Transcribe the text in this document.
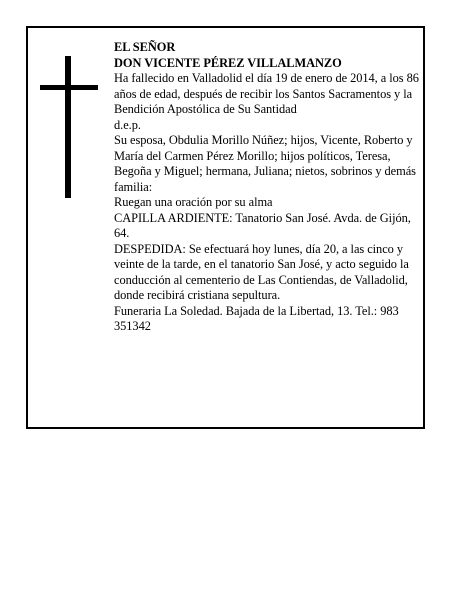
EL SEÑOR

DON VICENTE PÉREZ VILLALMANZO

Ha fallecido en Valladolid el día 19 de enero de 2014, a los 86 años de edad, después de recibir los Santos Sacramentos y la Bendición Apostólica de Su Santidad

d.e.p.

Su esposa, Obdulia Morillo Núñez; hijos, Vicente, Roberto y María del Carmen Pérez Morillo; hijos políticos, Teresa, Begoña y Miguel; hermana, Juliana; nietos, sobrinos y demás familia:

Ruegan una oración por su alma

CAPILLA ARDIENTE: Tanatorio San José. Avda. de Gijón, 64.

DESPEDIDA: Se efectuará hoy lunes, día 20, a las cinco y veinte de la tarde, en el tanatorio San José, y acto seguido la conducción al cementerio de Las Contiendas, de Valladolid, donde recibirá cristiana sepultura.

Funeraria La Soledad. Bajada de la Libertad, 13. Tel.: 983 351342
